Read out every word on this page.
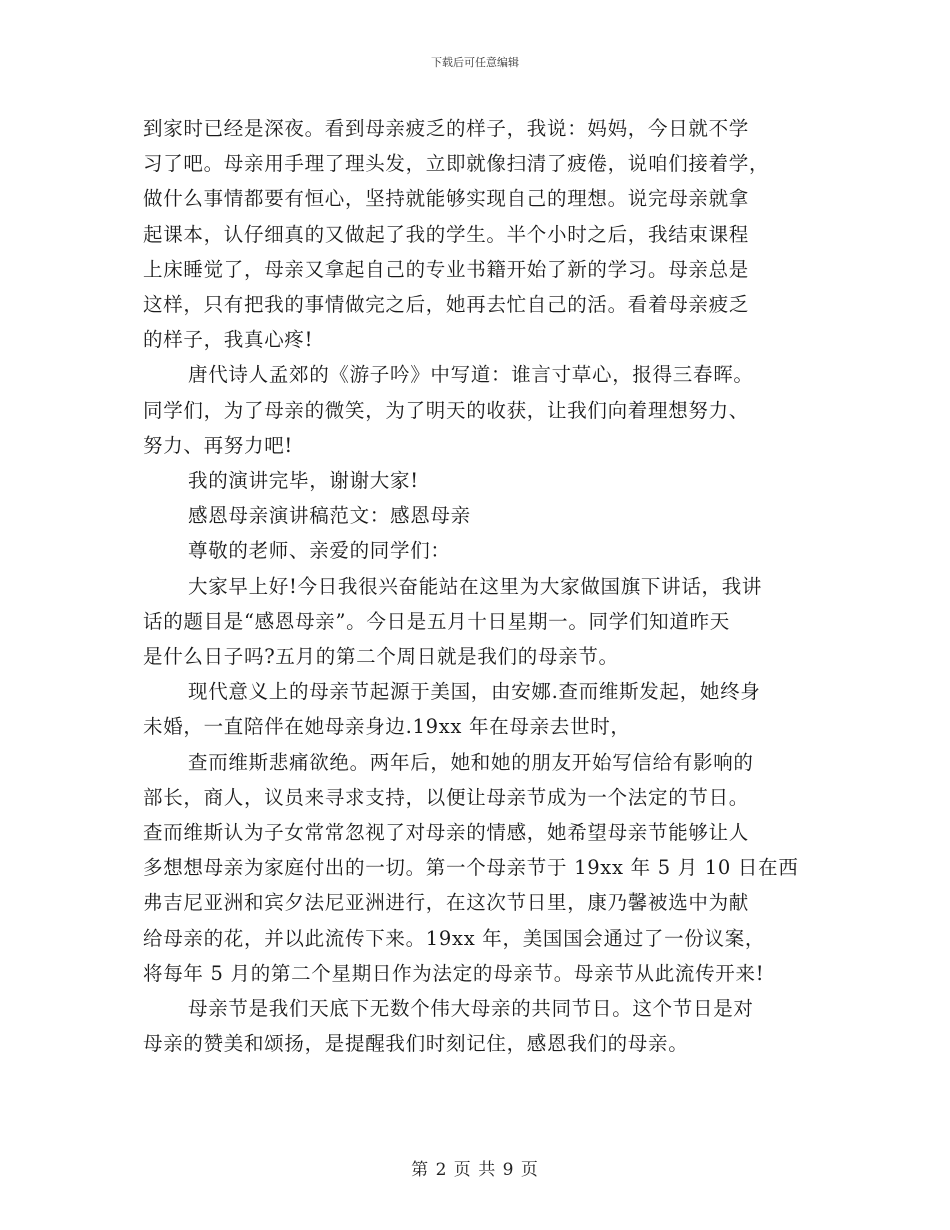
下载后可任意编辑

到家时已经是深夜。看到母亲疲乏的样子，我说：妈妈，今日就不学

习了吧。母亲用手理了理头发，立即就像扫清了疲倦，说咱们接着学，

做什么事情都要有恒心，坚持就能够实现自己的理想。说完母亲就拿

起课本，认仔细真的又做起了我的学生。半个小时之后，我结束课程

上床睡觉了，母亲又拿起自己的专业书籍开始了新的学习。母亲总是

这样，只有把我的事情做完之后，她再去忙自己的活。看着母亲疲乏

的样子，我真心疼!

唐代诗人孟郊的《游子吟》中写道：谁言寸草心，报得三春晖。

同学们，为了母亲的微笑，为了明天的收获，让我们向着理想努力、

努力、再努力吧!

我的演讲完毕，谢谢大家!

感恩母亲演讲稿范文：感恩母亲

尊敬的老师、亲爱的同学们：

大家早上好!今日我很兴奋能站在这里为大家做国旗下讲话，我讲

话的题目是“感恩母亲”。今日是五月十日星期一。同学们知道昨天

是什么日子吗?五月的第二个周日就是我们的母亲节。

现代意义上的母亲节起源于美国，由安娜.查而维斯发起，她终身

未婚，一直陪伴在她母亲身边.19xx 年在母亲去世时，

查而维斯悲痛欲绝。两年后，她和她的朋友开始写信给有影响的

部长，商人，议员来寻求支持，以便让母亲节成为一个法定的节日。

查而维斯认为子女常常忽视了对母亲的情感，她希望母亲节能够让人

多想想母亲为家庭付出的一切。第一个母亲节于 19xx 年 5 月 10 日在西

弗吉尼亚洲和宾夕法尼亚洲进行，在这次节日里，康乃馨被选中为献

给母亲的花，并以此流传下来。19xx 年，美国国会通过了一份议案，

将每年 5 月的第二个星期日作为法定的母亲节。母亲节从此流传开来!

母亲节是我们天底下无数个伟大母亲的共同节日。这个节日是对

母亲的赞美和颂扬，是提醒我们时刻记住，感恩我们的母亲。

第 2 页 共 9 页
